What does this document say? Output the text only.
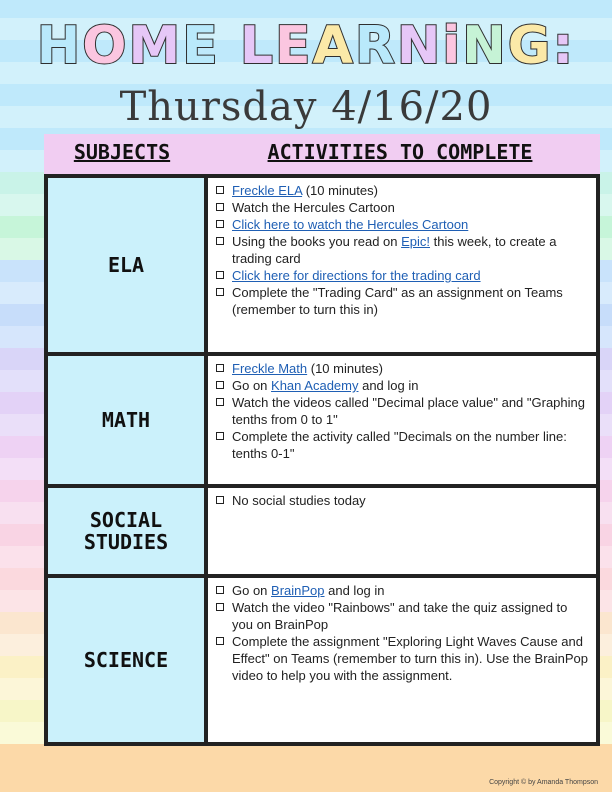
HOME LEARNiNG:
Thursday 4/16/20
SUBJECTS	ACTIVITIES TO COMPLETE
ELA
Freckle ELA (10 minutes)
Watch the Hercules Cartoon
Click here to watch the Hercules Cartoon
Using the books you read on Epic! this week, to create a trading card
Click here for directions for the trading card
Complete the "Trading Card" as an assignment on Teams (remember to turn this in)
MATH
Freckle Math (10 minutes)
Go on Khan Academy and log in
Watch the videos called "Decimal place value" and "Graphing tenths from 0 to 1"
Complete the activity called "Decimals on the number line: tenths 0-1"
SOCIAL STUDIES
No social studies today
SCIENCE
Go on BrainPop and log in
Watch the video "Rainbows" and take the quiz assigned to you on BrainPop
Complete the assignment "Exploring Light Waves Cause and Effect" on Teams (remember to turn this in). Use the BrainPop video to help you with the assignment.
Copyright © by Amanda Thompson
